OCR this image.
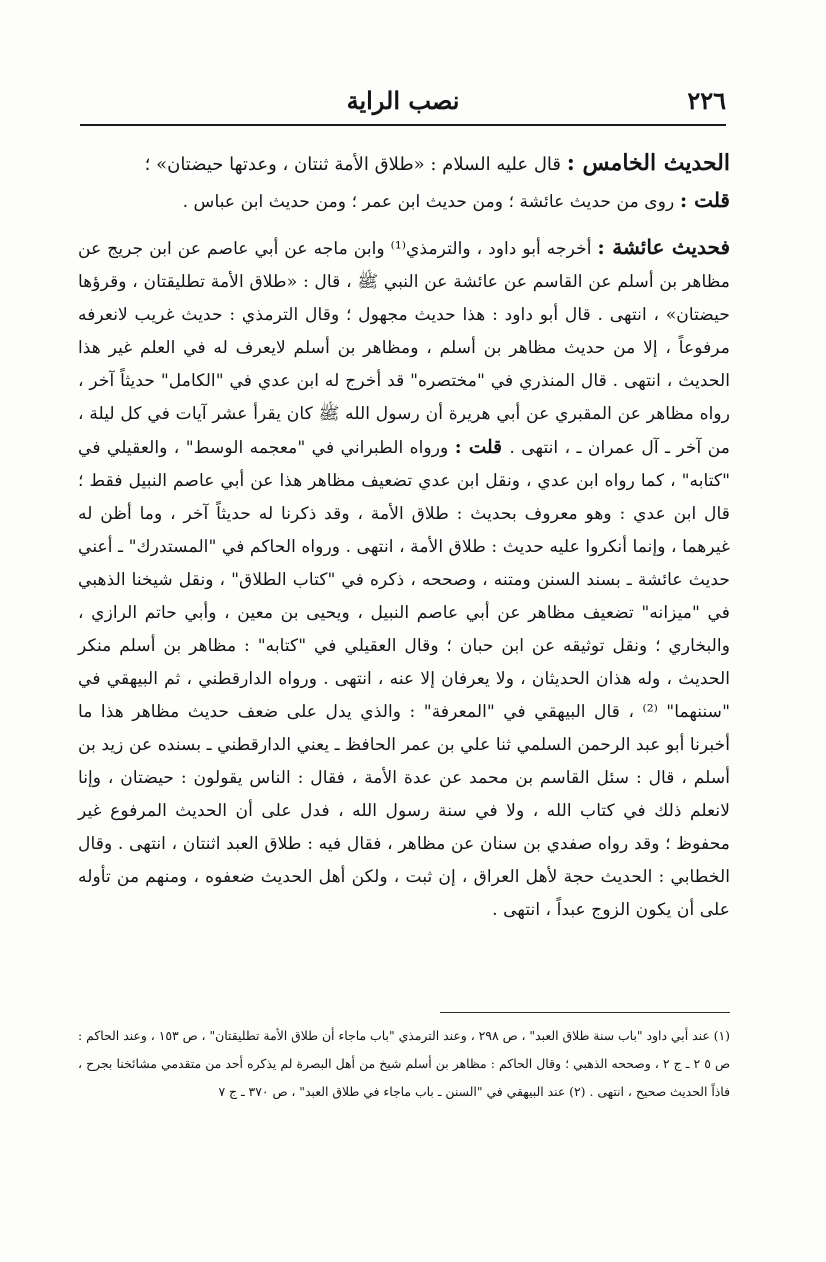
٢٢٦
نصب الراية

الحديث الخامس : قال عليه السلام : «طلاق الأمة ثنتان ، وعدتها حيضتان» ؛

قلت : روى من حديث عائشة ؛ ومن حديث ابن عمر ؛ ومن حديث ابن عباس .

فحديث عائشة : أخرجه أبو داود ، والترمذي⁽¹⁾ وابن ماجه عن أبي عاصم عن ابن جريج عن مظاهر بن أسلم عن القاسم عن عائشة عن النبي ﷺ ، قال : «طلاق الأمة تطليقتان ، وقرؤها حيضتان» ، انتهى . قال أبو داود : هذا حديث مجهول ؛ وقال الترمذي : حديث غريب لانعرفه مرفوعاً ، إلا من حديث مظاهر بن أسلم ، ومظاهر بن أسلم لايعرف له في العلم غير هذا الحديث ، انتهى . قال المنذري في "مختصره" قد أخرج له ابن عدي في "الكامل" حديثاً آخر ، رواه مظاهر عن المقبري عن أبي هريرة أن رسول الله ﷺ كان يقرأ عشر آيات في كل ليلة ، من آخر ـ آل عمران ـ ، انتهى . قلت : ورواه الطبراني في "معجمه الوسط" ، والعقيلي في "كتابه" ، كما رواه ابن عدي ، ونقل ابن عدي تضعيف مظاهر هذا عن أبي عاصم النبيل فقط ؛ قال ابن عدي : وهو معروف بحديث : طلاق الأمة ، وقد ذكرنا له حديثاً آخر ، وما أظن له غيرهما ، وإنما أنكروا عليه حديث : طلاق الأمة ، انتهى . ورواه الحاكم في "المستدرك" ـ أعني حديث عائشة ـ بسند السنن ومتنه ، وصححه ، ذكره في "كتاب الطلاق" ، ونقل شيخنا الذهبي في "ميزانه" تضعيف مظاهر عن أبي عاصم النبيل ، ويحيى بن معين ، وأبي حاتم الرازي ، والبخاري ؛ ونقل توثيقه عن ابن حبان ؛ وقال العقيلي في "كتابه" : مظاهر بن أسلم منكر الحديث ، وله هذان الحديثان ، ولا يعرفان إلا عنه ، انتهى . ورواه الدارقطني ، ثم البيهقي في "سننهما" ⁽²⁾ ، قال البيهقي في "المعرفة" : والذي يدل على ضعف حديث مظاهر هذا ما أخبرنا أبو عبد الرحمن السلمي ثنا علي بن عمر الحافظ ـ يعني الدارقطني ـ بسنده عن زيد بن أسلم ، قال : سئل القاسم بن محمد عن عدة الأمة ، فقال : الناس يقولون : حيضتان ، وإنا لانعلم ذلك في كتاب الله ، ولا في سنة رسول الله ، فدل على أن الحديث المرفوع غير محفوظ ؛ وقد رواه صفدي بن سنان عن مظاهر ، فقال فيه : طلاق العبد اثنتان ، انتهى . وقال الخطابي : الحديث حجة لأهل العراق ، إن ثبت ، ولكن أهل الحديث ضعفوه ، ومنهم من تأوله على أن يكون الزوج عبداً ، انتهى .

(١) عند أبي داود "باب سنة طلاق العبد" ، ص ٢٩٨ ، وعند الترمذي "باب ماجاء أن طلاق الأمة تطليقتان" ، ص ١٥٣ ، وعند الحاكم : ص ٥ ٢ ـ ج ٢ ، وصححه الذهبي ؛ وقال الحاكم : مظاهر بن أسلم شيخ من أهل البصرة لم يذكره أحد من متقدمي مشائخنا بجرح ، فاذاً الحديث صحيح ، انتهى . (٢) عند البيهقي في "السنن ـ باب ماجاء في طلاق العبد" ، ص ٣٧٠ ـ ج ٧
